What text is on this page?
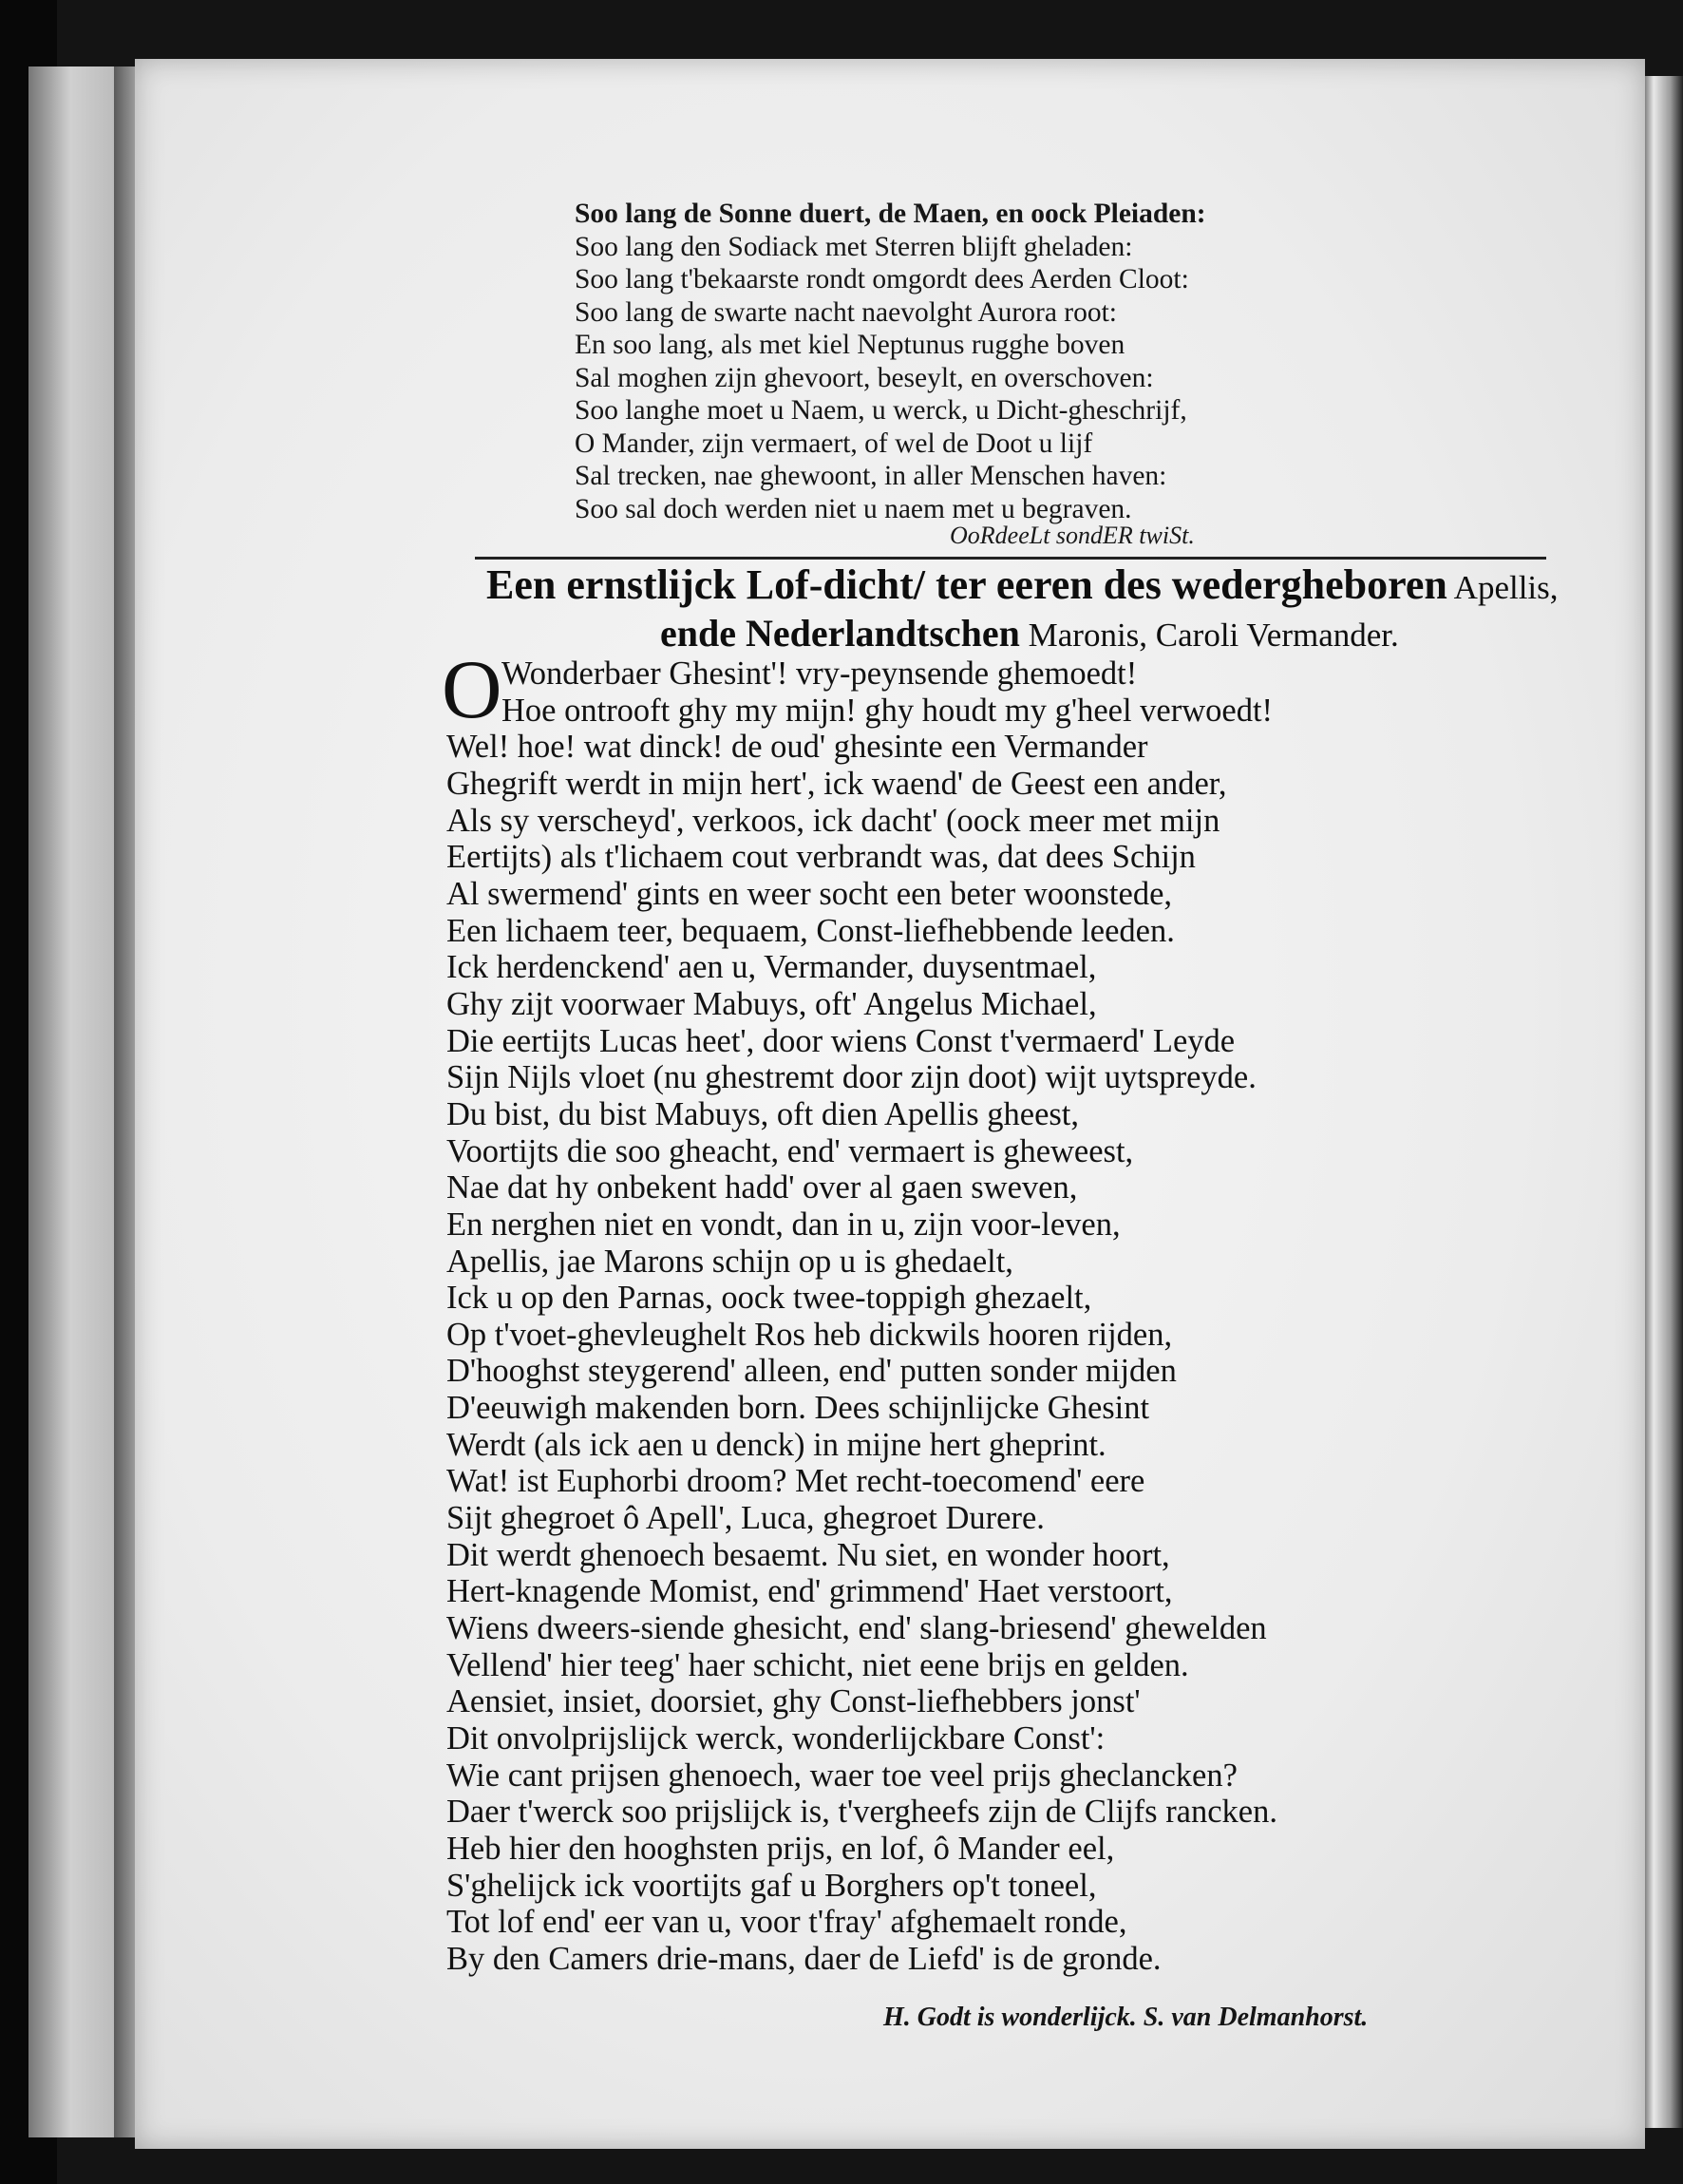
Soo lang de Sonne duert, de Maen, en oock Pleiaden:
Soo lang den Sodiack met Sterren blijft gheladen:
Soo lang t'bekaarste rondt omgordt dees Aerden Cloot:
Soo lang de swarte nacht naevolght Aurora root:
En soo lang, als met kiel Neptunus rugghe boven
Sal moghen zijn ghevoort, beseylt, en overschoven:
Soo langhe moet u Naem, u werck, u Dicht-gheschrijf,
O Mander, zijn vermaert, of wel de Doot u lijf
Sal trecken, nae ghewoont, in aller Menschen haven:
Soo sal doch werden niet u naem met u begraven.
OoRdeeLt sondER twiSt.
Een ernstlijck Lof-dicht/ ter eeren des wedergheboren Apellis,
ende Nederlandtschen Maronis, Caroli Vermander.
O Wonderbaer Ghesint'! vry-peynsende ghemoedt!
Hoe ontrooft ghy my mijn! ghy houdt my g'heel verwoedt!
Wel! hoe! wat dinck! de oud' ghesinte een Vermander
Ghegrift werdt in mijn hert', ick waend' de Geest een ander,
Als sy verscheyd', verkoos, ick dacht' (oock meer met mijn
Eertijts) als t'lichaem cout verbrandt was, dat dees Schijn
Al swermend' gints en weer socht een beter woonstede,
Een lichaem teer, bequaem, Const-liefhebbende leeden.
Ick herdenckend' aen u, Vermander, duysentmael,
Ghy zijt voorwaer Mabuys, oft' Angelus Michael,
Die eertijts Lucas heet', door wiens Const t'vermaerd' Leyde
Sijn Nijls vloet (nu ghestremt door zijn doot) wijt uytspreyde.
Du bist, du bist Mabuys, oft dien Apellis gheest,
Voortijts die soo gheacht, end' vermaert is gheweest,
Nae dat hy onbekent hadd' over al gaen sweven,
En nerghen niet en vondt, dan in u, zijn voor-leven,
Apellis, jae Marons schijn op u is ghedaelt,
Ick u op den Parnas, oock twee-toppigh ghezaelt,
Op t'voet-ghevleughelt Ros heb dickwils hooren rijden,
D'hooghst steygerend' alleen, end' putten sonder mijden
D'eeuwigh makenden born. Dees schijnlijcke Ghesint
Werdt (als ick aen u denck) in mijne hert gheprint.
Wat! ist Euphorbi droom? Met recht-toecomend' eere
Sijt ghegroet ô Apell', Luca, ghegroet Durere.
Dit werdt ghenoech besaemt. Nu siet, en wonder hoort,
Hert-knagende Momist, end' grimmend' Haet verstoort,
Wiens dweers-siende ghesicht, end' slang-briesend' ghewelden
Vellend' hier teeg' haer schicht, niet eene brijs en gelden.
Aensiet, insiet, doorsiet, ghy Const-liefhebbers jonst'
Dit onvolprijslijck werck, wonderlijckbare Const':
Wie cant prijsen ghenoech, waer toe veel prijs gheclancken?
Daer t'werck soo prijslijck is, t'vergheefs zijn de Clijfs rancken.
Heb hier den hooghsten prijs, en lof, ô Mander eel,
S'ghelijck ick voortijts gaf u Borghers op't toneel,
Tot lof end' eer van u, voor t'fray' afghemaelt ronde,
By den Camers drie-mans, daer de Liefd' is de gronde.
H. Godt is wonderlijck. S. van Delmanhorst.
